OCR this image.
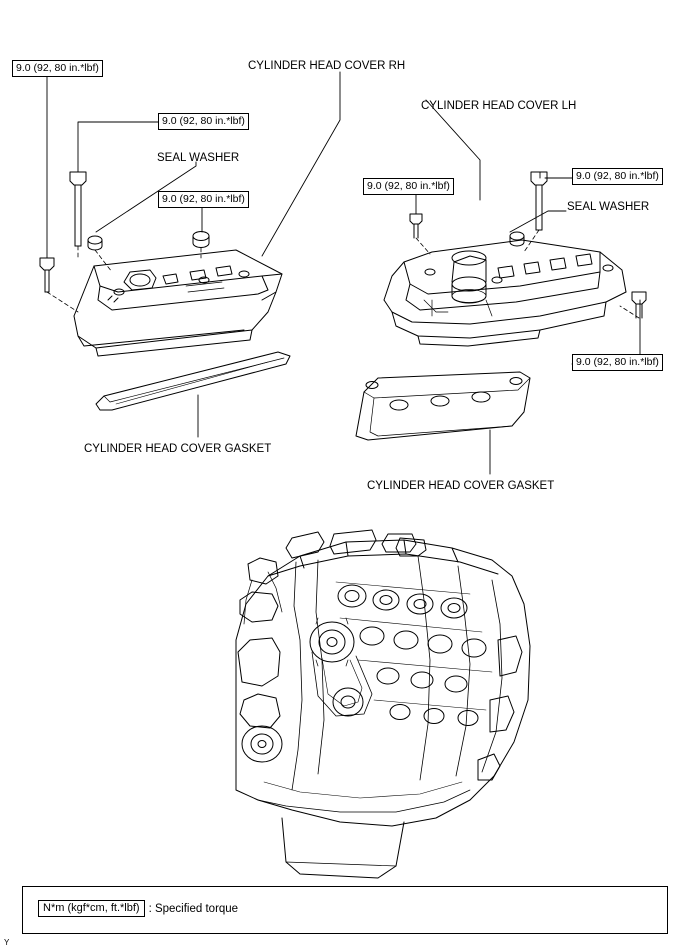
9.0 (92, 80 in.*lbf)	CYLINDER HEAD COVER RH
CYLINDER HEAD COVER LH
9.0 (92, 80 in.*lbf)
SEAL WASHER
9.0 (92, 80 in.*lbf)
9.0 (92, 80 in.*lbf)
9.0 (92, 80 in.*lbf)
SEAL WASHER
9.0 (92, 80 in.*lbf)
CYLINDER HEAD COVER GASKET
CYLINDER HEAD COVER GASKET
N*m (kgf*cm, ft.*lbf) : Specified torque
Y
